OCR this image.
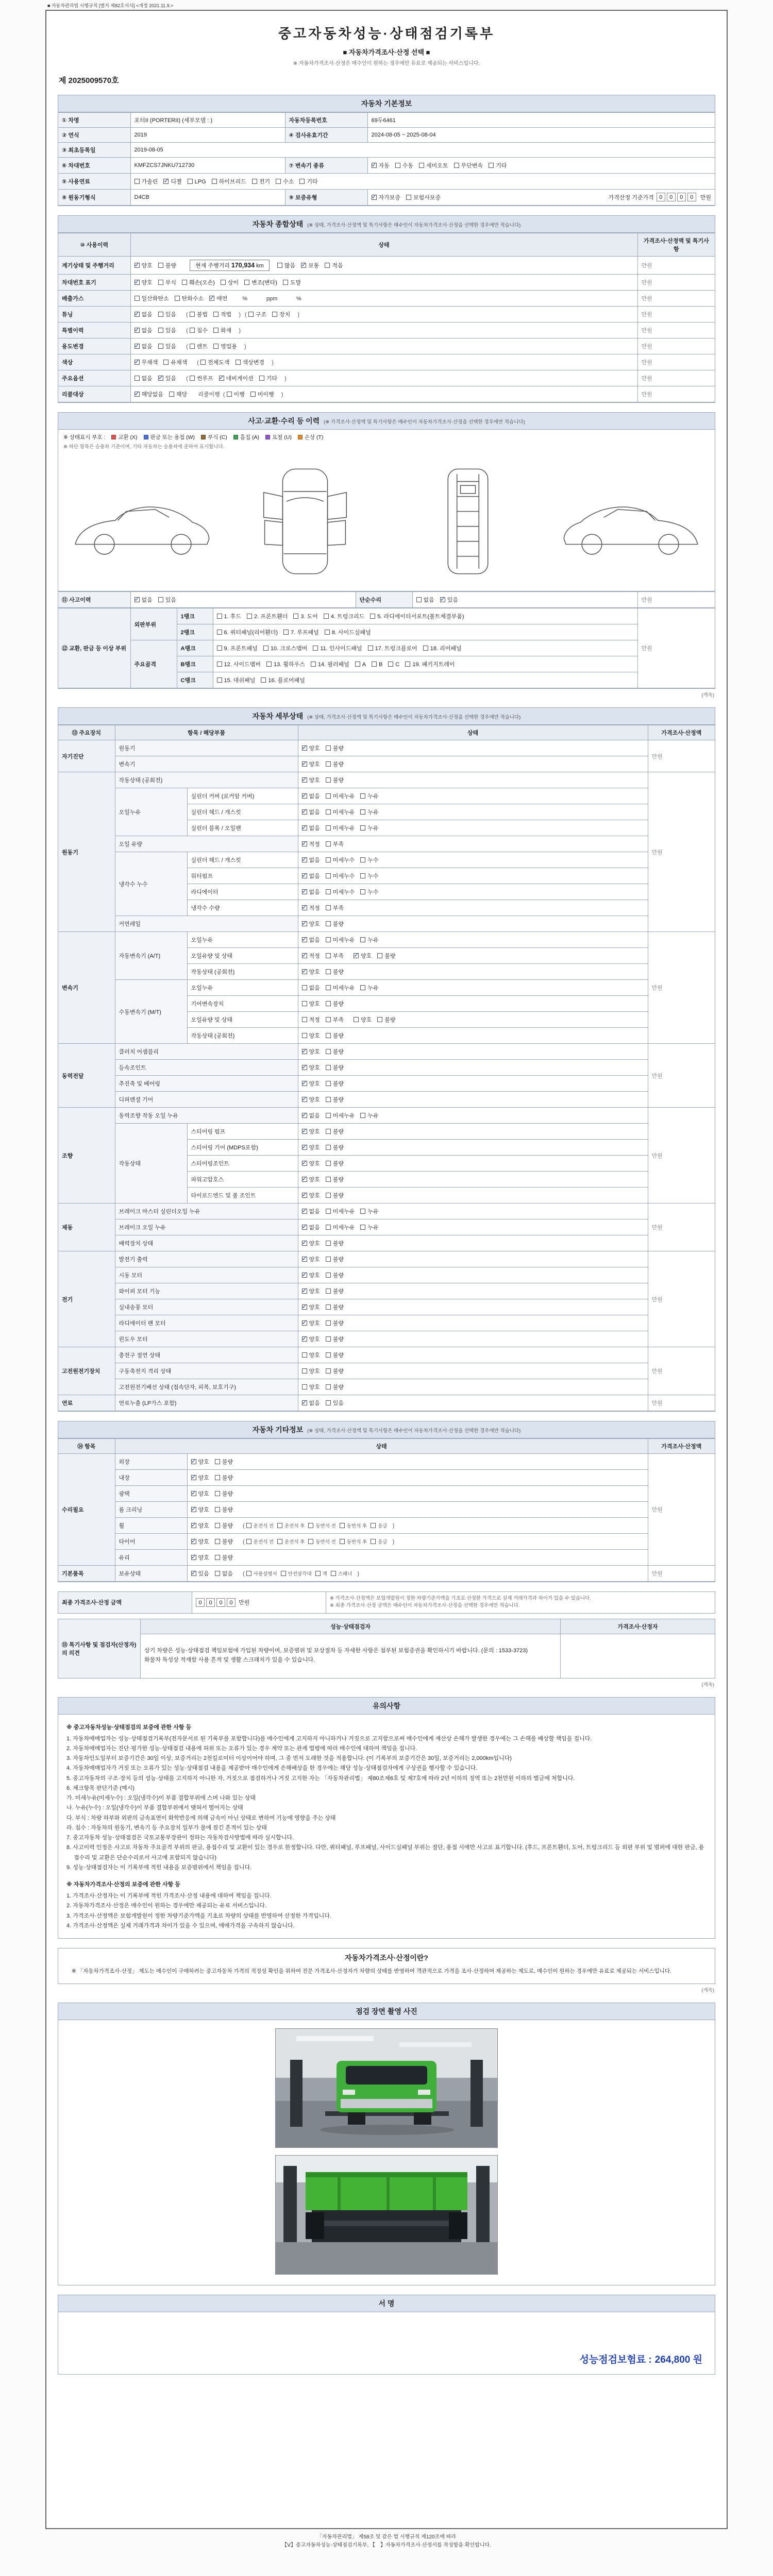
■ 자동차관리법 시행규칙 [별지 제82호서식] <개정 2021.11.9.>
중고자동차성능·상태점검기록부
■ 자동차가격조사·산정 선택 ■
※ 자동차가격조사·산정은 매수인이 원하는 경우에만 유료로 제공되는 서비스입니다.
제 2025009570호
자동차 기본정보
① 차명	포터II (PORTERII) (세부모델 : )	자동차등록번호	69두6461
② 연식	2019	④ 검사유효기간	2024-08-05 ~ 2025-08-04
③ 최초등록일	2019-08-05		
⑥ 차대번호	KMFZCS7JNKU712730	⑦ 변속기 종류	✓자동 수동 세미오토 무단변속 기타
⑤ 사용연료	가솔린 ✓ 디젤 LPG 하이브리드 전기 수소 기타
⑧ 원동기형식	D4CB	⑨ 보증유형	✓자가보증 보험사보증 가격산정 기준가격 0 0 0 0 만원
자동차 종합상태 (※ 상태, 가격조사·산정액 및 특기사항은 매수인이 자동차가격조사·산정을 선택한 경우에만 적습니다)
⑩ 사용이력	상태	가격조사·산정액 및 특기사항
계기상태 및 주행거리	✓양호 불량 현재 주행거리 170,934 km 많음 ✓ 보통 적음	만원
차대번호 표기	✓양호 부식 훼손(오손) 상이 변조(변타) 도말	만원
배출가스	일산화탄소 탄화수소 ✓ 매연 %            ppm            %	만원
튜닝	✓없음 있음 ( 불법 적법 ) ( 구조 장치 )	만원
특별이력	✓없음 있음 ( 침수 화재 )	만원
용도변경	✓없음 있음 ( 렌트 영업용 )	만원
색상	✓무채색 유채색 ( 전체도색 색상변경 )	만원
주요옵션	없음 ✓ 있음 ( 썬루프 ✓ 네비게이션 기타 )	만원
리콜대상	✓해당없음 해당 리콜이행 ( 이행 미이행 )	만원
사고·교환·수리 등 이력 (※ 가격조사·산정액 및 특기사항은 매수인이 자동차가격조사·산정을 선택한 경우에만 적습니다)
※ 상태표시 부호 : 교환 (X) 판금 또는 용접 (W) 부식 (C) 흠집 (A) 요철 (U) 손상 (T)
※ 하단 항목은 승용차 기준이며, 기타 자동차는 승용차에 준하여 표시합니다.
⑪ 사고이력	✓없음 있음	단순수리	없음 ✓ 있음	만원
⑫ 교환, 판금 등 이상 부위	외판부위	1랭크	1. 후드 2. 프론트휀더 3. 도어 4. 트렁크리드 5. 라디에이터서포트(볼트체결부품)	만원
		2랭크	6. 쿼터패널(리어휀더) 7. 루프패널 8. 사이드실패널	
	주요골격	A랭크	9. 프론트패널 10. 크로스멤버 11. 인사이드패널 17. 트렁크플로어 18. 리어패널	
		B랭크	12. 사이드멤버 13. 휠하우스 14. 필러패널 A B C 19. 패키지트레이	
		C랭크	15. 대쉬패널 16. 플로어패널	
(계속)
자동차 세부상태 (※ 상태, 가격조사·산정액 및 특기사항은 매수인이 자동차가격조사·산정을 선택한 경우에만 적습니다)
⑬ 주요장치	항목 / 해당부품		상태	가격조사·산정액
자기진단	원동기	✓양호 불량	만원
	변속기	✓양호 불량
원동기	작동상태 (공회전)	✓양호 불량	만원
	오일누유	실린더 커버 (로커암 커버)	✓없음 미세누유 누유
		실린더 헤드 / 개스킷	✓없음 미세누유 누유
		실린더 블록 / 오일팬	✓없음 미세누유 누유
	오일 유량	✓적정 부족
	냉각수 누수	실린더 헤드 / 개스킷	✓없음 미세누수 누수
		워터펌프	✓없음 미세누수 누수
		라디에이터	✓없음 미세누수 누수
		냉각수 수량	✓적정 부족
	커먼레일	✓양호 불량
변속기	자동변속기 (A/T)	오일누유	✓없음 미세누유 누유	만원
		오일유량 및 상태	✓적정 부족 ✓ 양호 불량
		작동상태 (공회전)	✓양호 불량
	수동변속기 (M/T)	오일누유	없음 미세누유 누유	
		기어변속장치	양호 불량	
		오일유량 및 상태	적정 부족 양호 불량	
		작동상태 (공회전)	양호 불량	
동력전달	클러치 어셈블리	✓양호 불량	만원
	등속조인트	✓양호 불량
	추진축 및 베어링	✓양호 불량
	디퍼렌셜 기어	✓양호 불량
조향	동력조향 작동 오일 누유	✓없음 미세누유 누유	만원
	작동상태	스티어링 펌프	✓양호 불량
		스티어링 기어 (MDPS포함)	✓양호 불량
		스티어링조인트	✓양호 불량
		파워고압호스	✓양호 불량
		타이로드엔드 및 볼 조인트	✓양호 불량
제동	브레이크 마스터 실린더오일 누유	✓없음 미세누유 누유	만원
	브레이크 오일 누유	✓없음 미세누유 누유
	배력장치 상태	✓양호 불량
전기	발전기 출력	✓양호 불량	만원
	시동 모터	✓양호 불량
	와이퍼 모터 기능	✓양호 불량
	실내송풍 모터	✓양호 불량
	라디에이터 팬 모터	✓양호 불량
	윈도우 모터	✓양호 불량
고전원전기장치	충전구 절연 상태		양호 불량	만원
	구동축전지 격리 상태		양호 불량	
	고전원전기배선 상태 (접속단자, 피복, 보호기구)		양호 불량	
연료	연료누출 (LP가스 포함)	✓없음 있음	만원
자동차 기타정보 (※ 상태, 가격조사·산정액 및 특기사항은 매수인이 자동차가격조사·산정을 선택한 경우에만 적습니다)
⑭ 항목	상태		가격조사·산정액
수리필요	외장	✓양호 불량	만원
	내장	✓양호 불량
	광택	✓양호 불량
	룸 크리닝	✓양호 불량
	휠	✓양호 불량 ( 운전석 전 운전석 후 동반석 전 동반석 후 응급 )
	타이어	✓양호 불량 ( 운전석 전 운전석 후 동반석 전 동반석 후 응급 )
	유리	✓양호 불량
기본품목	보유상태	✓있음 없음 ( 사용설명서 안전삼각대 잭 스패너 )	만원
최종 가격조사·산정 금액	0 0 0 0 만원	
※ 가격조사·산정액은 보험개발원이 정한 차량기준가액을 기초로 산정한 가격으로 실제 거래가격과 차이가 있을 수 있습니다.
※ 최종 가격조사·산정 금액은 매수인이 자동차가격조사·산정을 선택한 경우에만 적습니다.
⑮ 특기사항 및 점검자(산정자)의 의견	성능·상태점검자	가격조사·산정자

	상기 차량은 성능·상태점검 책임보험에 가입된 차량이며, 보증범위 및 보상절차 등 자세한 사항은 첨부된 보험증권을 확인하시기 바랍니다. (문의 : 1533-3723)
화물차 특성상 적재함 사용 흔적 및 생활 스크래치가 있을 수 있습니다.	

(계속)
유의사항
※ 중고자동차성능·상태점검의 보증에 관한 사항 등
1. 자동차매매업자는 성능·상태점검기록부(전자문서로 된 기록부를 포함합니다)를 매수인에게 고지하지 아니하거나 거짓으로 고지함으로써 매수인에게 재산상 손해가 발생한 경우에는 그 손해를 배상할 책임을 집니다.
2. 자동차매매업자는 진단·평가한 성능·상태점검 내용에 허위 또는 오류가 있는 경우 계약 또는 관계 법령에 따라 매수인에 대하여 책임을 집니다.
3. 자동차인도일부터 보증기간은 30일 이상, 보증거리는 2천킬로미터 이상이어야 하며, 그 중 먼저 도래한 것을 적용합니다. (이 기록부의 보증기간은 30일, 보증거리는 2,000km입니다)
4. 자동차매매업자가 거짓 또는 오류가 있는 성능·상태점검 내용을 제공받아 매수인에게 손해배상을 한 경우에는 해당 성능·상태점검자에게 구상권을 행사할 수 있습니다.
5. 중고자동차의 구조·장치 등의 성능·상태를 고지하지 아니한 자, 거짓으로 점검하거나 거짓 고지한 자는 「자동차관리법」 제80조제6호 및 제7호에 따라 2년 이하의 징역 또는 2천만원 이하의 벌금에 처합니다.
6. 체크항목 판단기준 (예시)
가. 미세누유(미세누수) : 오일(냉각수)이 부품 결합부위에 스며 나와 있는 상태
나. 누유(누수) : 오일(냉각수)이 부품 결합부위에서 맺혀서 떨어지는 상태
다. 부식 : 차량 하부와 외판의 금속표면이 화학반응에 의해 금속이 아닌 상태로 변하여 기능에 영향을 주는 상태
라. 침수 : 자동차의 원동기, 변속기 등 주요장치 일부가 물에 잠긴 흔적이 있는 상태
7. 중고자동차 성능·상태점검은 국토교통부장관이 정하는 자동차검사방법에 따라 실시합니다.
8. 사고이력 인정은 사고로 자동차 주요골격 부위의 판금, 용접수리 및 교환이 있는 경우로 한정합니다. 다만, 쿼터패널, 루프패널, 사이드실패널 부위는 절단, 용접 시에만 사고로 표기합니다. (후드, 프론트휀더, 도어, 트렁크리드 등 외판 부위 및 범퍼에 대한 판금, 용접수리 및 교환은 단순수리로서 사고에 포함되지 않습니다)
9. 성능·상태점검자는 이 기록부에 적힌 내용을 보증범위에서 책임을 집니다.
※ 자동차가격조사·산정의 보증에 관한 사항 등
1. 가격조사·산정자는 이 기록부에 적힌 가격조사·산정 내용에 대하여 책임을 집니다.
2. 자동차가격조사·산정은 매수인이 원하는 경우에만 제공되는 유료 서비스입니다.
3. 가격조사·산정액은 보험개발원이 정한 차량기준가액을 기초로 차량의 상태를 반영하여 산정한 가격입니다.
4. 가격조사·산정액은 실제 거래가격과 차이가 있을 수 있으며, 매매가격을 구속하지 않습니다.
자동차가격조사·산정이란?
※ 「자동차가격조사·산정」 제도는 매수인이 구매하려는 중고자동차 가격의 적정성 확인을 위하여 전문 가격조사·산정자가 차량의 상태를 반영하여 객관적으로 가격을 조사·산정하여 제공하는 제도로, 매수인이 원하는 경우에만 유료로 제공되는 서비스입니다.
(계속)
점검 장면 촬영 사진
서 명
성능점검보험료 : 264,800 원
「자동차관리법」 제58조 및 같은 법 시행규칙 제120조에 따라
【Ⅴ】중고자동차성능·상태점검기록부, 【　】자동차가격조사·산정서를 작성함을 확인합니다.
